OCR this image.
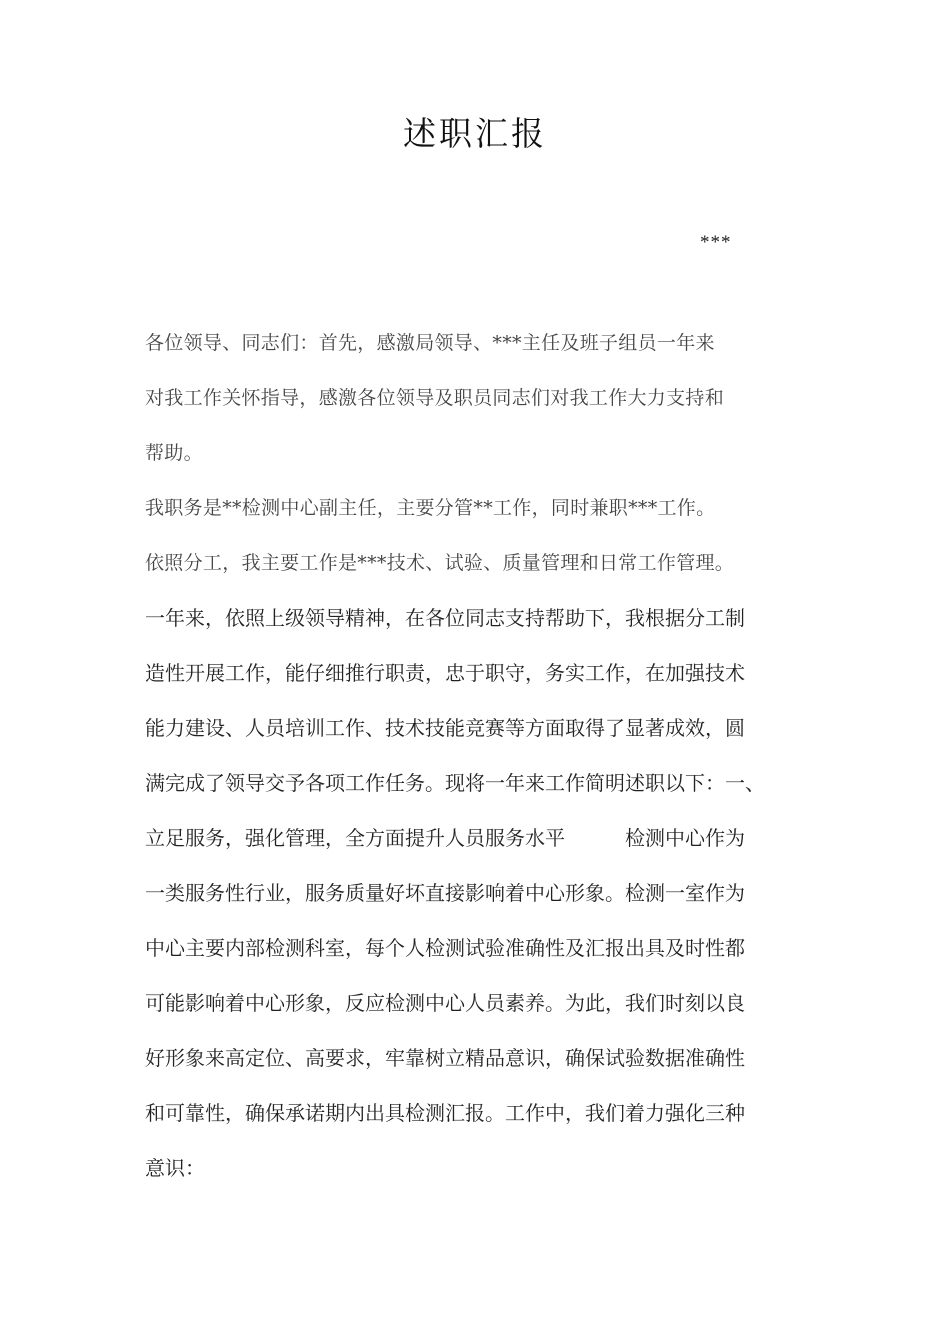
述职汇报
***
各位领导、同志们：首先，感激局领导、***主任及班子组员一年来
对我工作关怀指导，感激各位领导及职员同志们对我工作大力支持和
帮助。
我职务是**检测中心副主任，主要分管**工作，同时兼职***工作。
依照分工，我主要工作是***技术、试验、质量管理和日常工作管理。
一年来，依照上级领导精神，在各位同志支持帮助下，我根据分工制
造性开展工作，能仔细推行职责，忠于职守，务实工作，在加强技术
能力建设、人员培训工作、技术技能竞赛等方面取得了显著成效，圆
满完成了领导交予各项工作任务。现将一年来工作简明述职以下：一、
立足服务，强化管理，全方面提升人员服务水平　　　检测中心作为
一类服务性行业，服务质量好坏直接影响着中心形象。检测一室作为
中心主要内部检测科室，每个人检测试验准确性及汇报出具及时性都
可能影响着中心形象，反应检测中心人员素养。为此，我们时刻以良
好形象来高定位、高要求，牢靠树立精品意识，确保试验数据准确性
和可靠性，确保承诺期内出具检测汇报。工作中，我们着力强化三种
意识：
